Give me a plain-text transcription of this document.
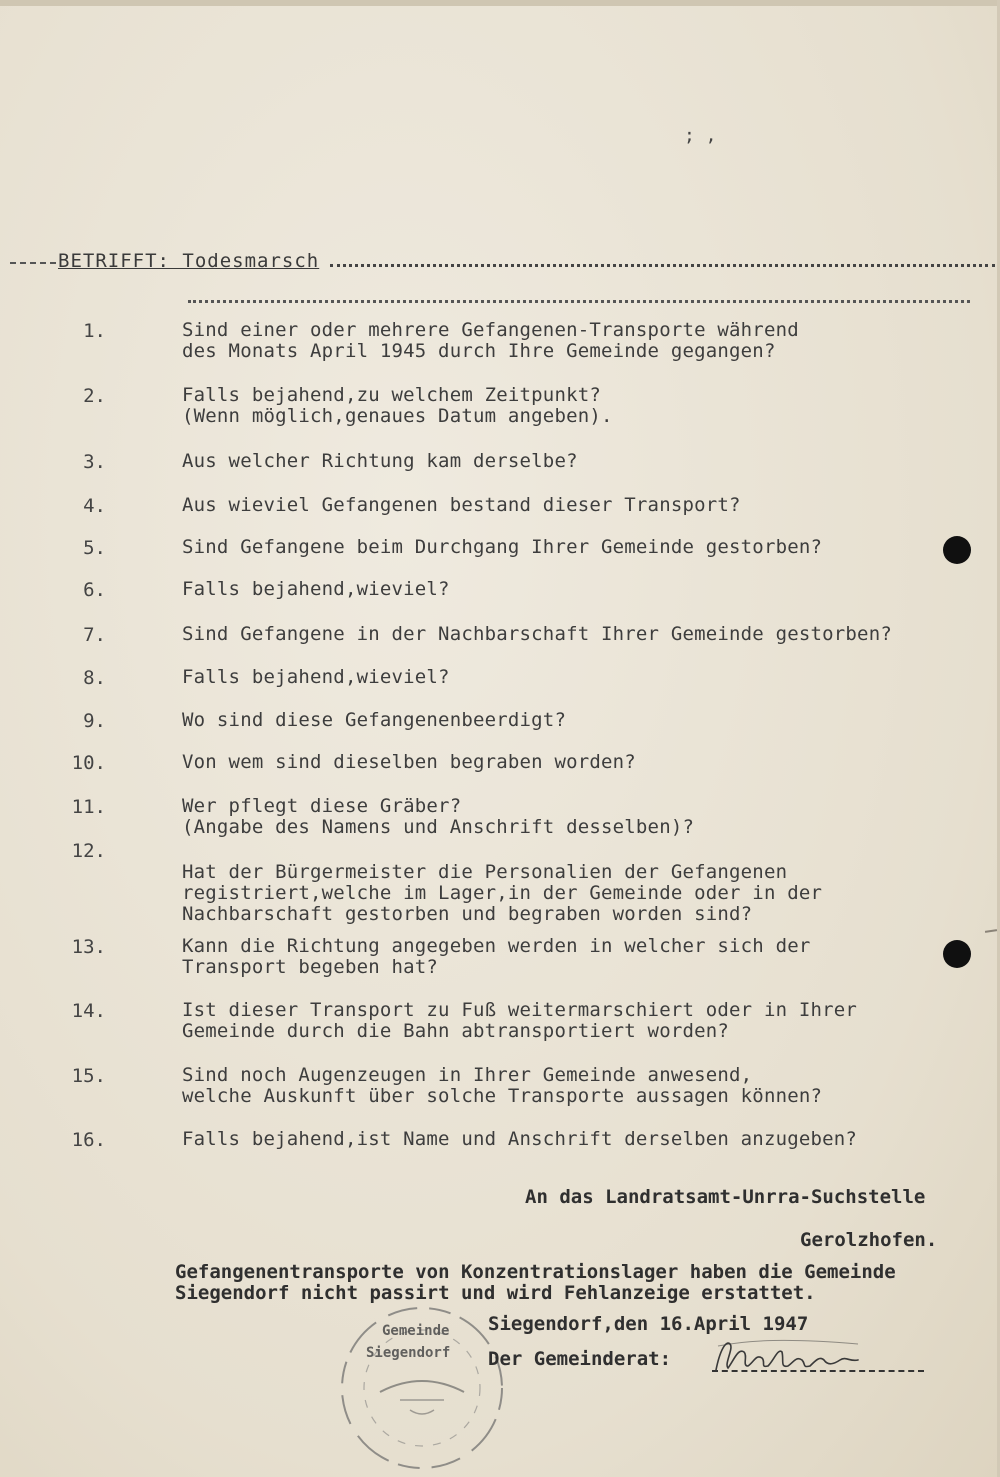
; ,
BETRIFFT: Todesmarsch
1.	Sind einer oder mehrere Gefangenen-Transporte während
des Monats April 1945 durch Ihre Gemeinde gegangen?
2.	Falls bejahend,zu welchem Zeitpunkt?
(Wenn möglich,genaues Datum angeben).
3.	Aus welcher Richtung kam derselbe?
4.	Aus wieviel Gefangenen bestand dieser Transport?
5.	Sind Gefangene beim Durchgang Ihrer Gemeinde gestorben?
6.	Falls bejahend,wieviel?
7.	Sind Gefangene in der Nachbarschaft Ihrer Gemeinde gestorben?
8.	Falls bejahend,wieviel?
9.	Wo sind diese Gefangenenbeerdigt?
10.	Von wem sind dieselben begraben worden?
11.	Wer pflegt diese Gräber?
(Angabe des Namens und Anschrift desselben)?
12.
Hat der Bürgermeister die Personalien der Gefangenen
registriert,welche im Lager,in der Gemeinde oder in der
Nachbarschaft gestorben und begraben worden sind?
13.	Kann die Richtung angegeben werden in welcher sich der
Transport begeben hat?
14.	Ist dieser Transport zu Fuß weitermarschiert oder in Ihrer
Gemeinde durch die Bahn abtransportiert worden?
15.	Sind noch Augenzeugen in Ihrer Gemeinde anwesend,
welche Auskunft über solche Transporte aussagen können?
16.	Falls bejahend,ist Name und Anschrift derselben anzugeben?
An das Landratsamt-Unrra-Suchstelle
Gerolzhofen.
Gefangenentransporte von Konzentrationslager haben die Gemeinde
Siegendorf nicht passirt und wird Fehlanzeige erstattet.
Gemeinde
Siegendorf
Siegendorf,den 16.April 1947
Der Gemeinderat:
